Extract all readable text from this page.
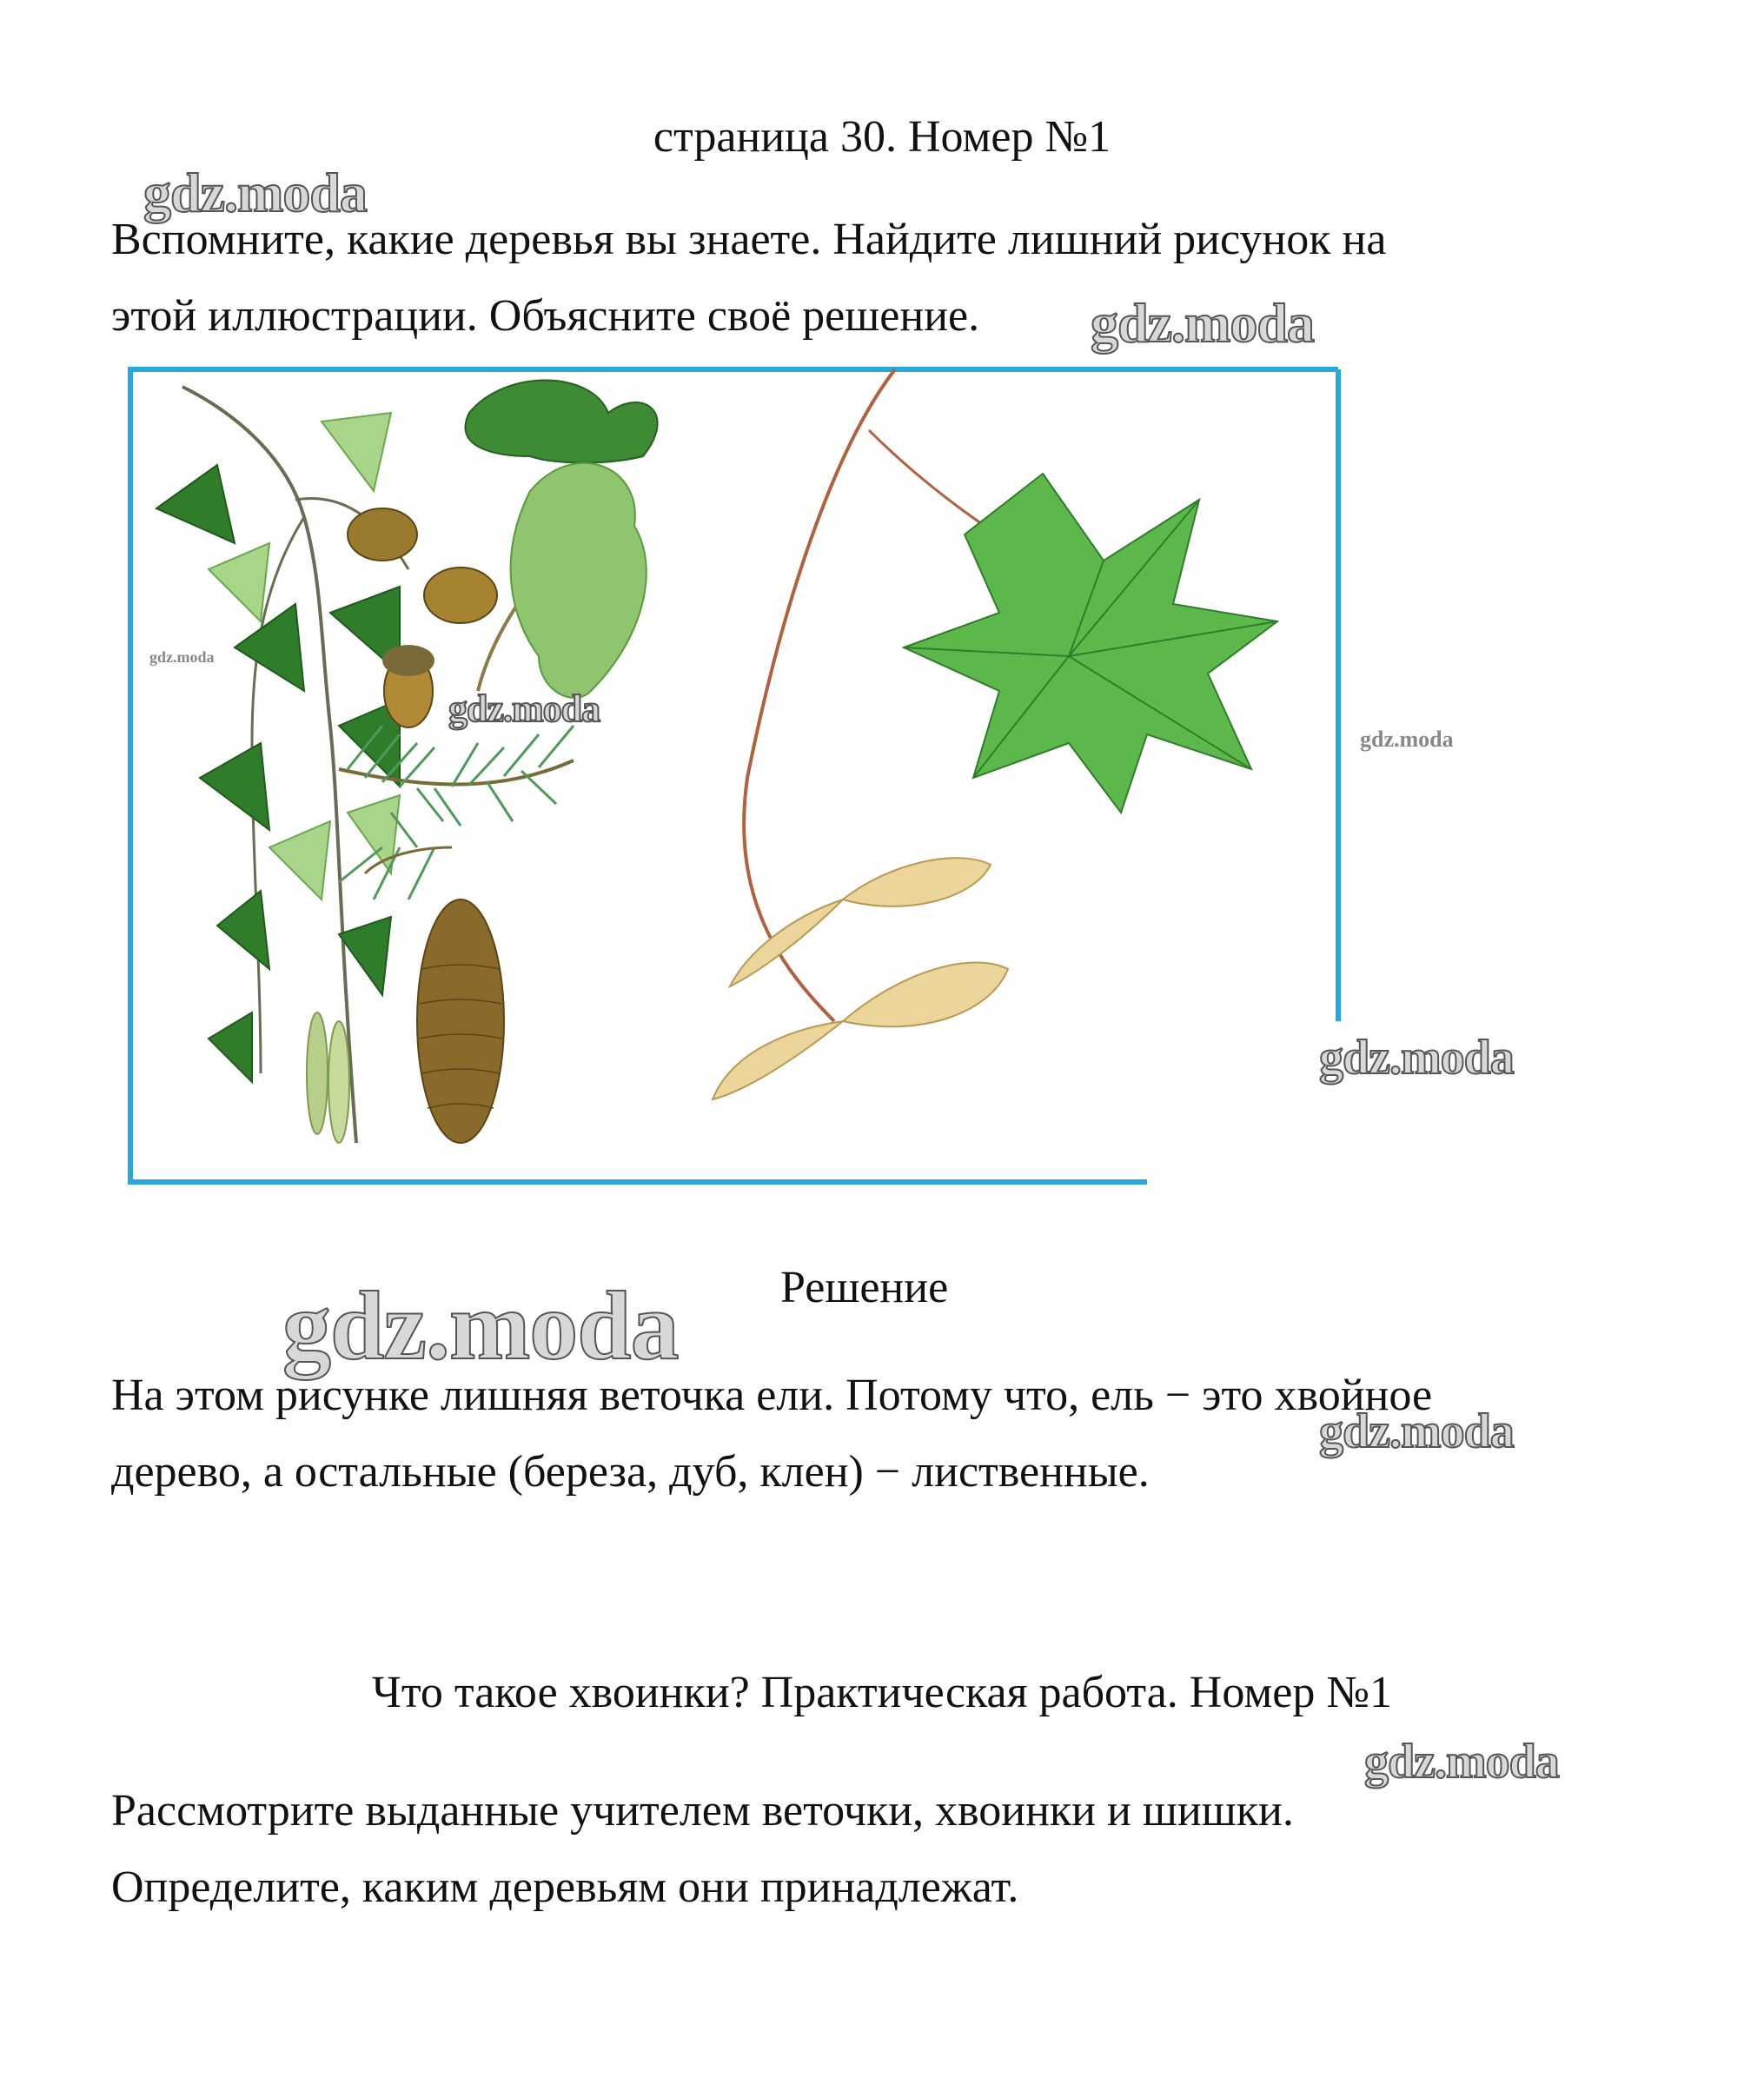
страница 30. Номер №1
Вспомните, какие деревья вы знаете. Найдите лишний рисунок на
этой иллюстрации. Объясните своё решение.
Решение
На этом рисунке лишняя веточка ели. Потому что, ель − это хвойное
дерево, а остальные (береза, дуб, клен) − лиственные.
Что такое хвоинки? Практическая работа. Номер №1
Рассмотрите выданные учителем веточки, хвоинки и шишки.
Определите, каким деревьям они принадлежат.
gdz.moda
gdz.moda
gdz.moda
gdz.moda
gdz.moda
gdz.moda
gdz.moda
gdz.moda
gdz.moda
